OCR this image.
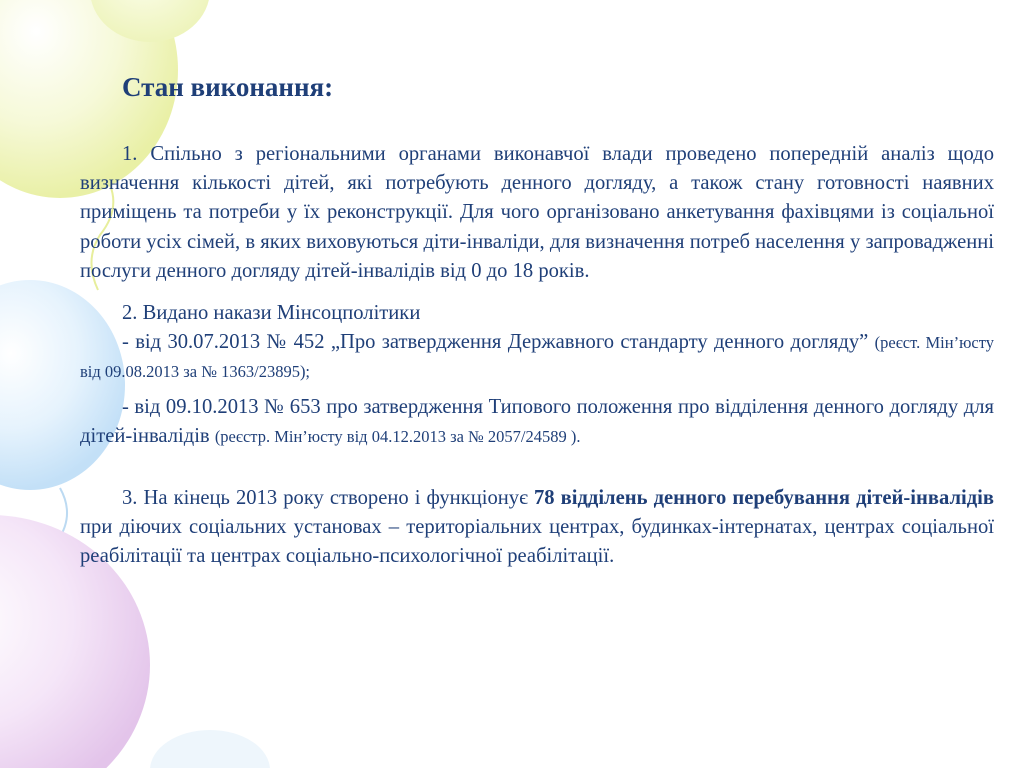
Стан виконання:

1. Спільно з регіональними органами виконавчої влади проведено попередній аналіз щодо визначення кількості дітей, які потребують денного догляду, а також стану готовності наявних приміщень та потреби у їх реконструкції. Для чого організовано анкетування фахівцями із соціальної роботи усіх сімей, в яких виховуються діти-інваліди, для визначення потреб населення у запровадженні послуги денного догляду дітей-інвалідів від 0 до 18 років.

2. Видано накази Мінсоцполітики

- від 30.07.2013 № 452 „Про затвердження Державного стандарту денного догляду” (реєст. Мін’юсту від 09.08.2013 за № 1363/23895);

- від 09.10.2013 № 653 про затвердження Типового положення про відділення денного догляду для дітей-інвалідів (реєстр. Мін’юсту від 04.12.2013 за № 2057/24589 ).

3. На кінець 2013 року створено і функціонує 78 відділень денного перебування дітей-інвалідів при діючих соціальних установах – територіальних центрах, будинках-інтернатах, центрах соціальної реабілітації та центрах соціально-психологічної реабілітації.
